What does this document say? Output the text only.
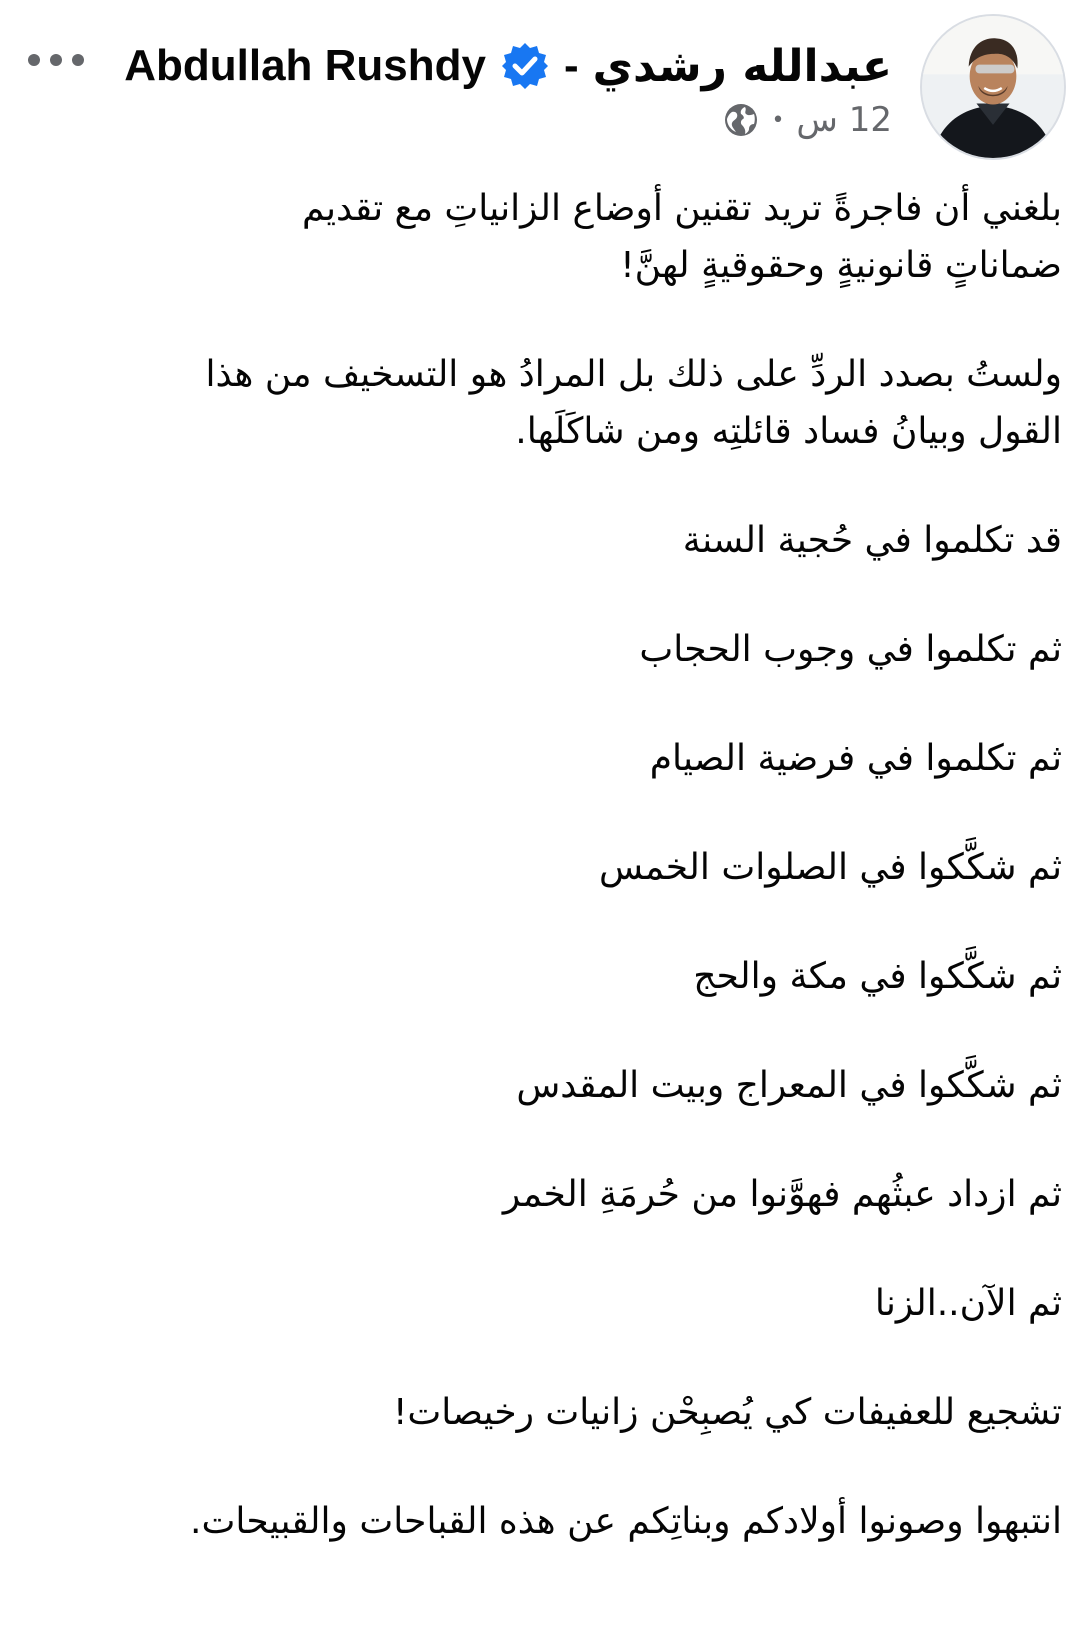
عبدالله رشدي
-
Abdullah Rushdy
12 س
•

بلغني أن فاجرةً تريد تقنين أوضاع الزانياتِ مع تقديم
ضماناتٍ قانونيةٍ وحقوقيةٍ لهنَّ!

ولستُ بصدد الردِّ على ذلك بل المرادُ هو التسخيف من هذا
القول وبيانُ فساد قائلتِه ومن شاكَلَها.

قد تكلموا في حُجية السنة

ثم تكلموا في وجوب الحجاب

ثم تكلموا في فرضية الصيام

ثم شكَّكوا في الصلوات الخمس

ثم شكَّكوا في مكة والحج

ثم شكَّكوا في المعراج وبيت المقدس

ثم ازداد عبثُهم فهوَّنوا من حُرمَةِ الخمر

ثم الآن..الزنا

تشجيع للعفيفات كي يُصبِحْن زانيات رخيصات!

انتبهوا وصونوا أولادكم وبناتِكم عن هذه القباحات والقبيحات.
